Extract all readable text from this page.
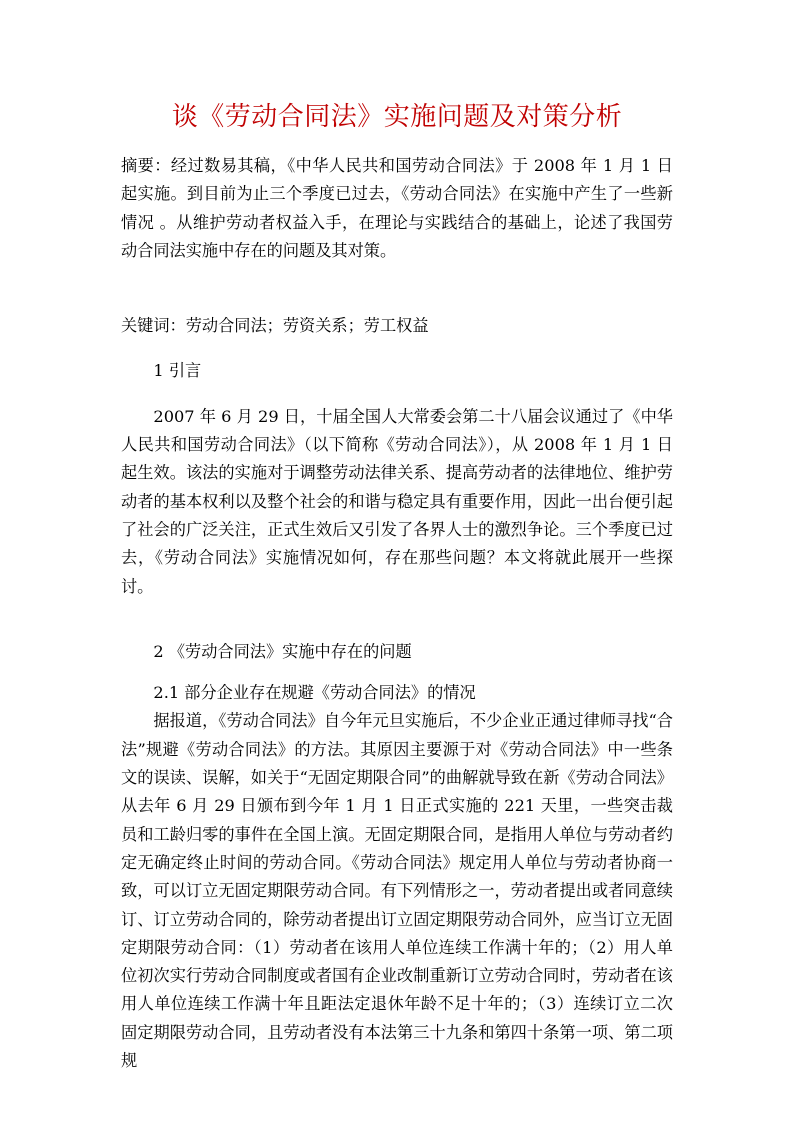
谈《劳动合同法》实施问题及对策分析

摘要：经过数易其稿，《中华人民共和国劳动合同法》于 2008 年 1 月 1 日起实施。到目前为止三个季度已过去，《劳动合同法》在实施中产生了一些新情况 。从维护劳动者权益入手，在理论与实践结合的基础上，论述了我国劳动合同法实施中存在的问题及其对策。

关键词：劳动合同法；劳资关系；劳工权益

1 引言

2007 年 6 月 29 日，十届全国人大常委会第二十八届会议通过了《中华人民共和国劳动合同法》（以下简称《劳动合同法》），从 2008 年 1 月 1 日起生效。该法的实施对于调整劳动法律关系、提高劳动者的法律地位、维护劳动者的基本权利以及整个社会的和谐与稳定具有重要作用，因此一出台便引起了社会的广泛关注，正式生效后又引发了各界人士的激烈争论。三个季度已过去，《劳动合同法》实施情况如何，存在那些问题？本文将就此展开一些探讨。

2 《劳动合同法》实施中存在的问题

2.1 部分企业存在规避《劳动合同法》的情况

据报道，《劳动合同法》自今年元旦实施后，不少企业正通过律师寻找“合法”规避《劳动合同法》的方法。其原因主要源于对《劳动合同法》中一些条文的误读、误解，如关于“无固定期限合同”的曲解就导致在新《劳动合同法》从去年 6 月 29 日颁布到今年 1 月 1 日正式实施的 221 天里，一些突击裁员和工龄归零的事件在全国上演。无固定期限合同，是指用人单位与劳动者约定无确定终止时间的劳动合同。《劳动合同法》规定用人单位与劳动者协商一致，可以订立无固定期限劳动合同。有下列情形之一，劳动者提出或者同意续订、订立劳动合同的，除劳动者提出订立固定期限劳动合同外，应当订立无固定期限劳动合同：（1）劳动者在该用人单位连续工作满十年的；（2）用人单位初次实行劳动合同制度或者国有企业改制重新订立劳动合同时，劳动者在该用人单位连续工作满十年且距法定退休年龄不足十年的；（3）连续订立二次固定期限劳动合同，且劳动者没有本法第三十九条和第四十条第一项、第二项规
